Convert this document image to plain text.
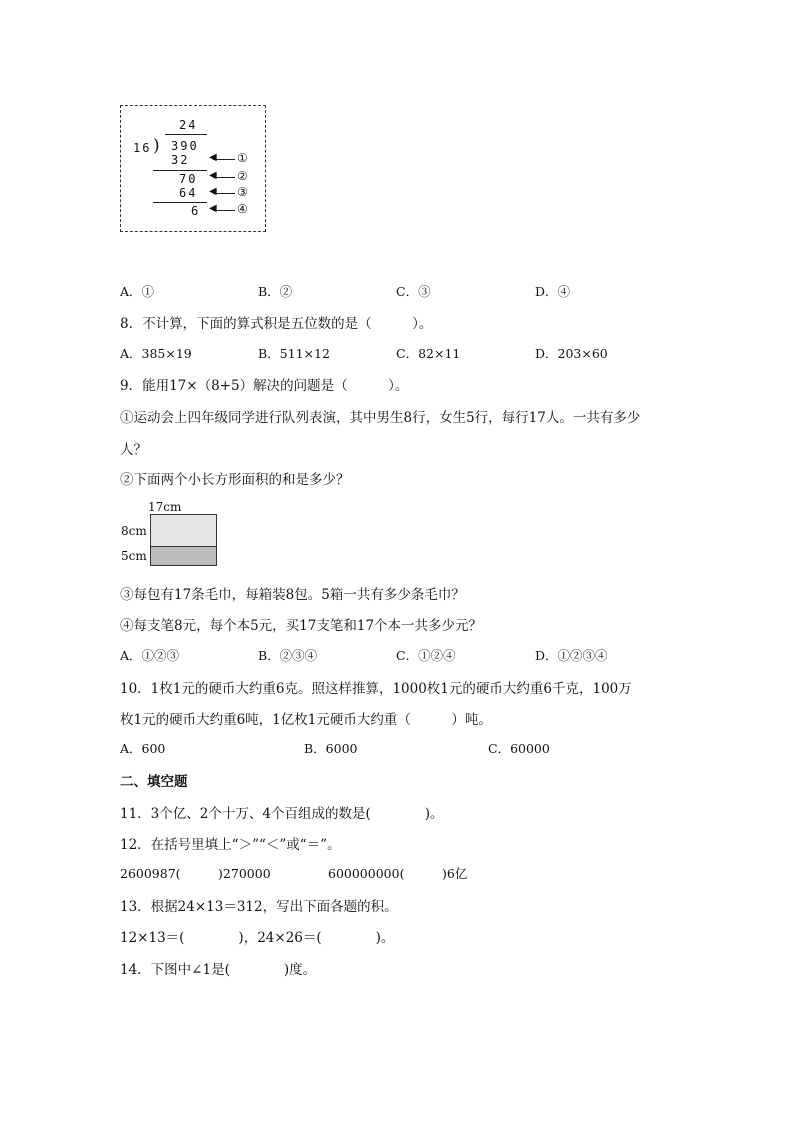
24
16 ) 390
32
70
64
6
◀ ①
◀ ②
◀ ③
◀ ④
A．①	B．②	C．③	D．④
8．不计算，下面的算式积是五位数的是（　　　）。
A．385×19	B．511×12	C．82×11	D．203×60
9．能用17×（8+5）解决的问题是（　　　）。
①运动会上四年级同学进行队列表演，其中男生8行，女生5行，每行17人。一共有多少
人？
②下面两个小长方形面积的和是多少？
17cm
8cm
5cm
③每包有17条毛巾，每箱装8包。5箱一共有多少条毛巾？
④每支笔8元，每个本5元，买17支笔和17个本一共多少元？
A．①②③	B．②③④	C．①②④	D．①②③④
10．1枚1元的硬币大约重6克。照这样推算，1000枚1元的硬币大约重6千克，100万
枚1元的硬币大约重6吨，1亿枚1元硬币大约重（　　　）吨。
A．600	B．6000	C．60000
二、填空题
11．3个亿、2个十万、4个百组成的数是(　　　　)。
12．在括号里填上“＞”“＜”或“＝”。
2600987(　　　)270000	600000000(　　　)6亿
13．根据24×13＝312，写出下面各题的积。
12×13＝(　　　　)，24×26＝(　　　　)。
14．下图中∠1是(　　　　)度。
